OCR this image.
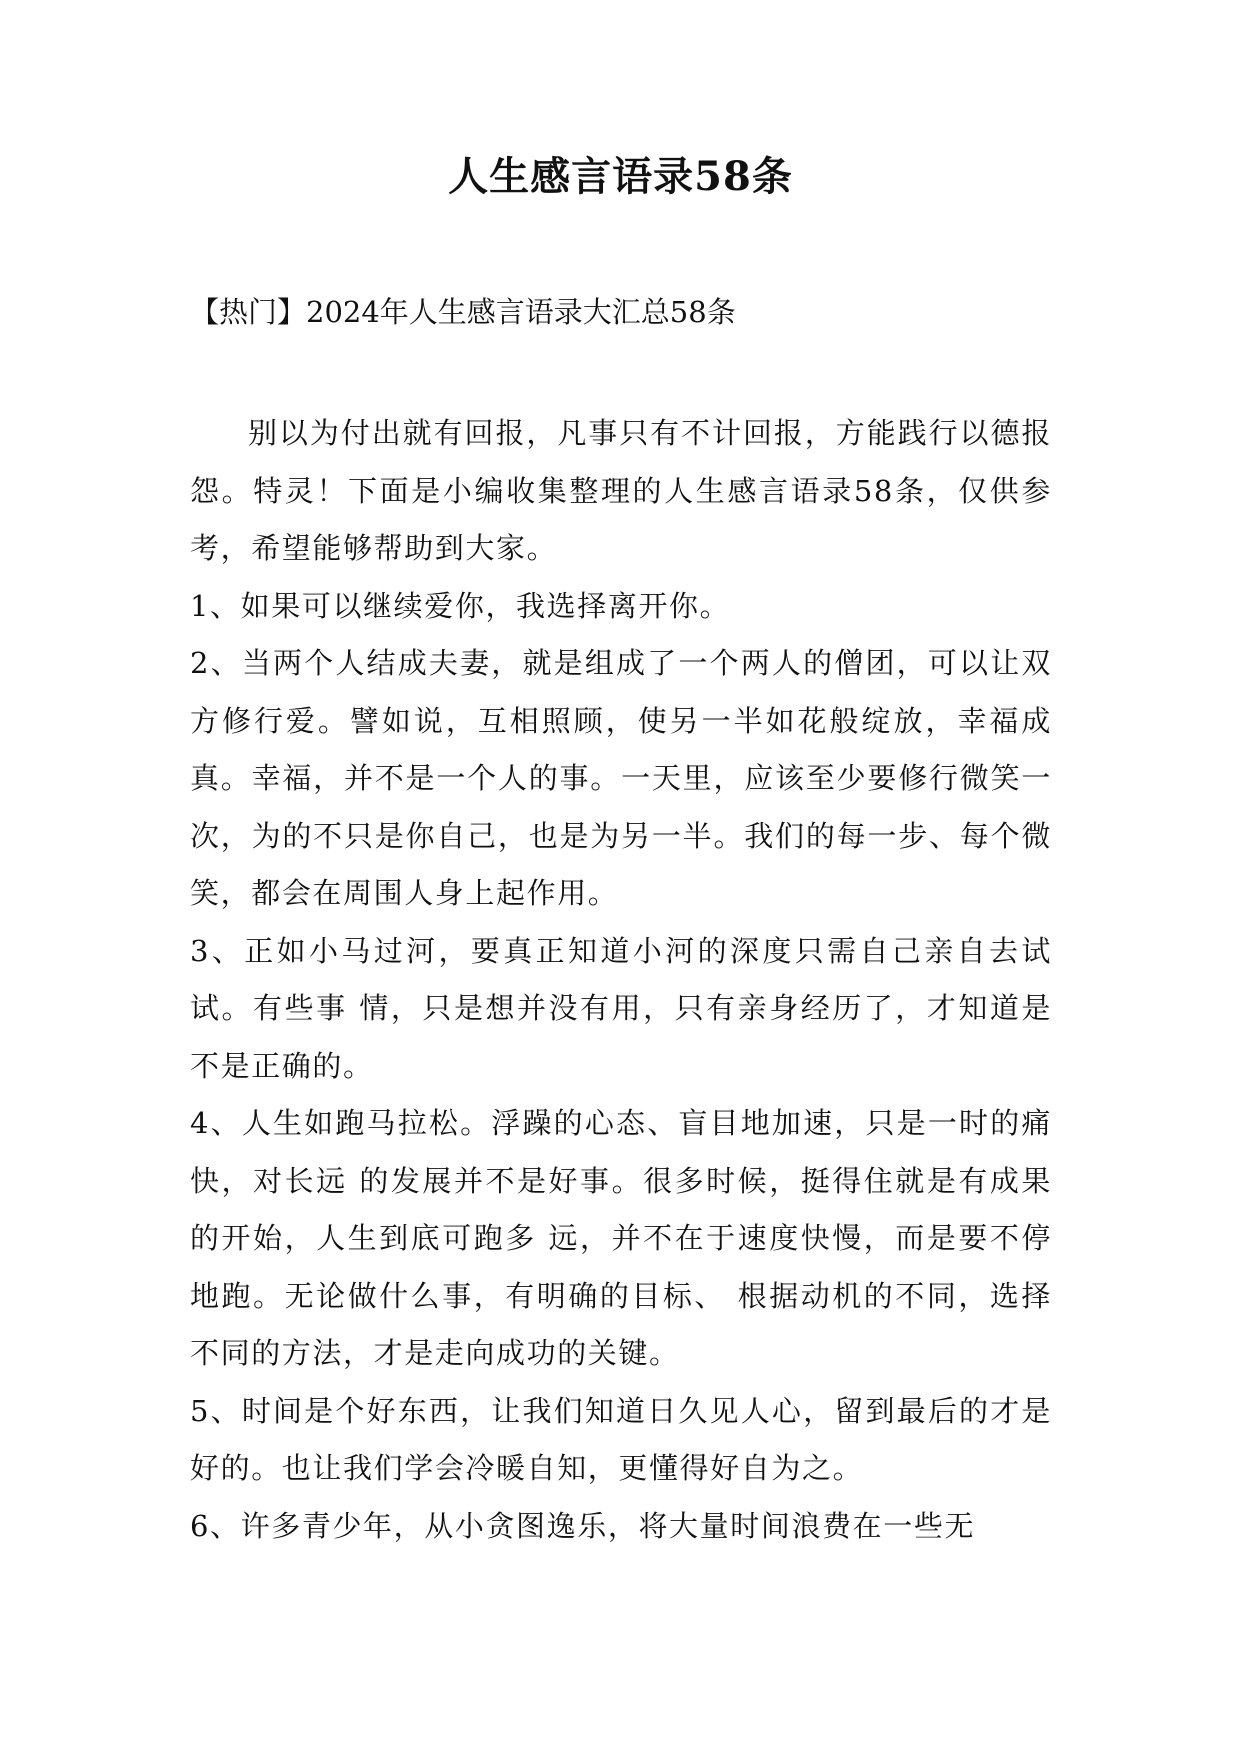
人生感言语录58条
【热门】2024年人生感言语录大汇总58条

别以为付出就有回报，凡事只有不计回报，方能践行以德报怨。特灵！下面是小编收集整理的人生感言语录58条，仅供参考，希望能够帮助到大家。

1、如果可以继续爱你，我选择离开你。

2、当两个人结成夫妻，就是组成了一个两人的僧团，可以让双方修行爱。譬如说，互相照顾，使另一半如花般绽放，幸福成真。幸福，并不是一个人的事。一天里，应该至少要修行微笑一次，为的不只是你自己，也是为另一半。我们的每一步、每个微笑，都会在周围人身上起作用。

3、正如小马过河，要真正知道小河的深度只需自己亲自去试试。有些事 情，只是想并没有用，只有亲身经历了，才知道是不是正确的。

4、人生如跑马拉松。浮躁的心态、盲目地加速，只是一时的痛快，对长远 的发展并不是好事。很多时候，挺得住就是有成果的开始，人生到底可跑多 远，并不在于速度快慢，而是要不停地跑。无论做什么事，有明确的目标、 根据动机的不同，选择不同的方法，才是走向成功的关键。

5、时间是个好东西，让我们知道日久见人心，留到最后的才是好的。也让我们学会冷暖自知，更懂得好自为之。

6、许多青少年，从小贪图逸乐，将大量时间浪费在一些无
